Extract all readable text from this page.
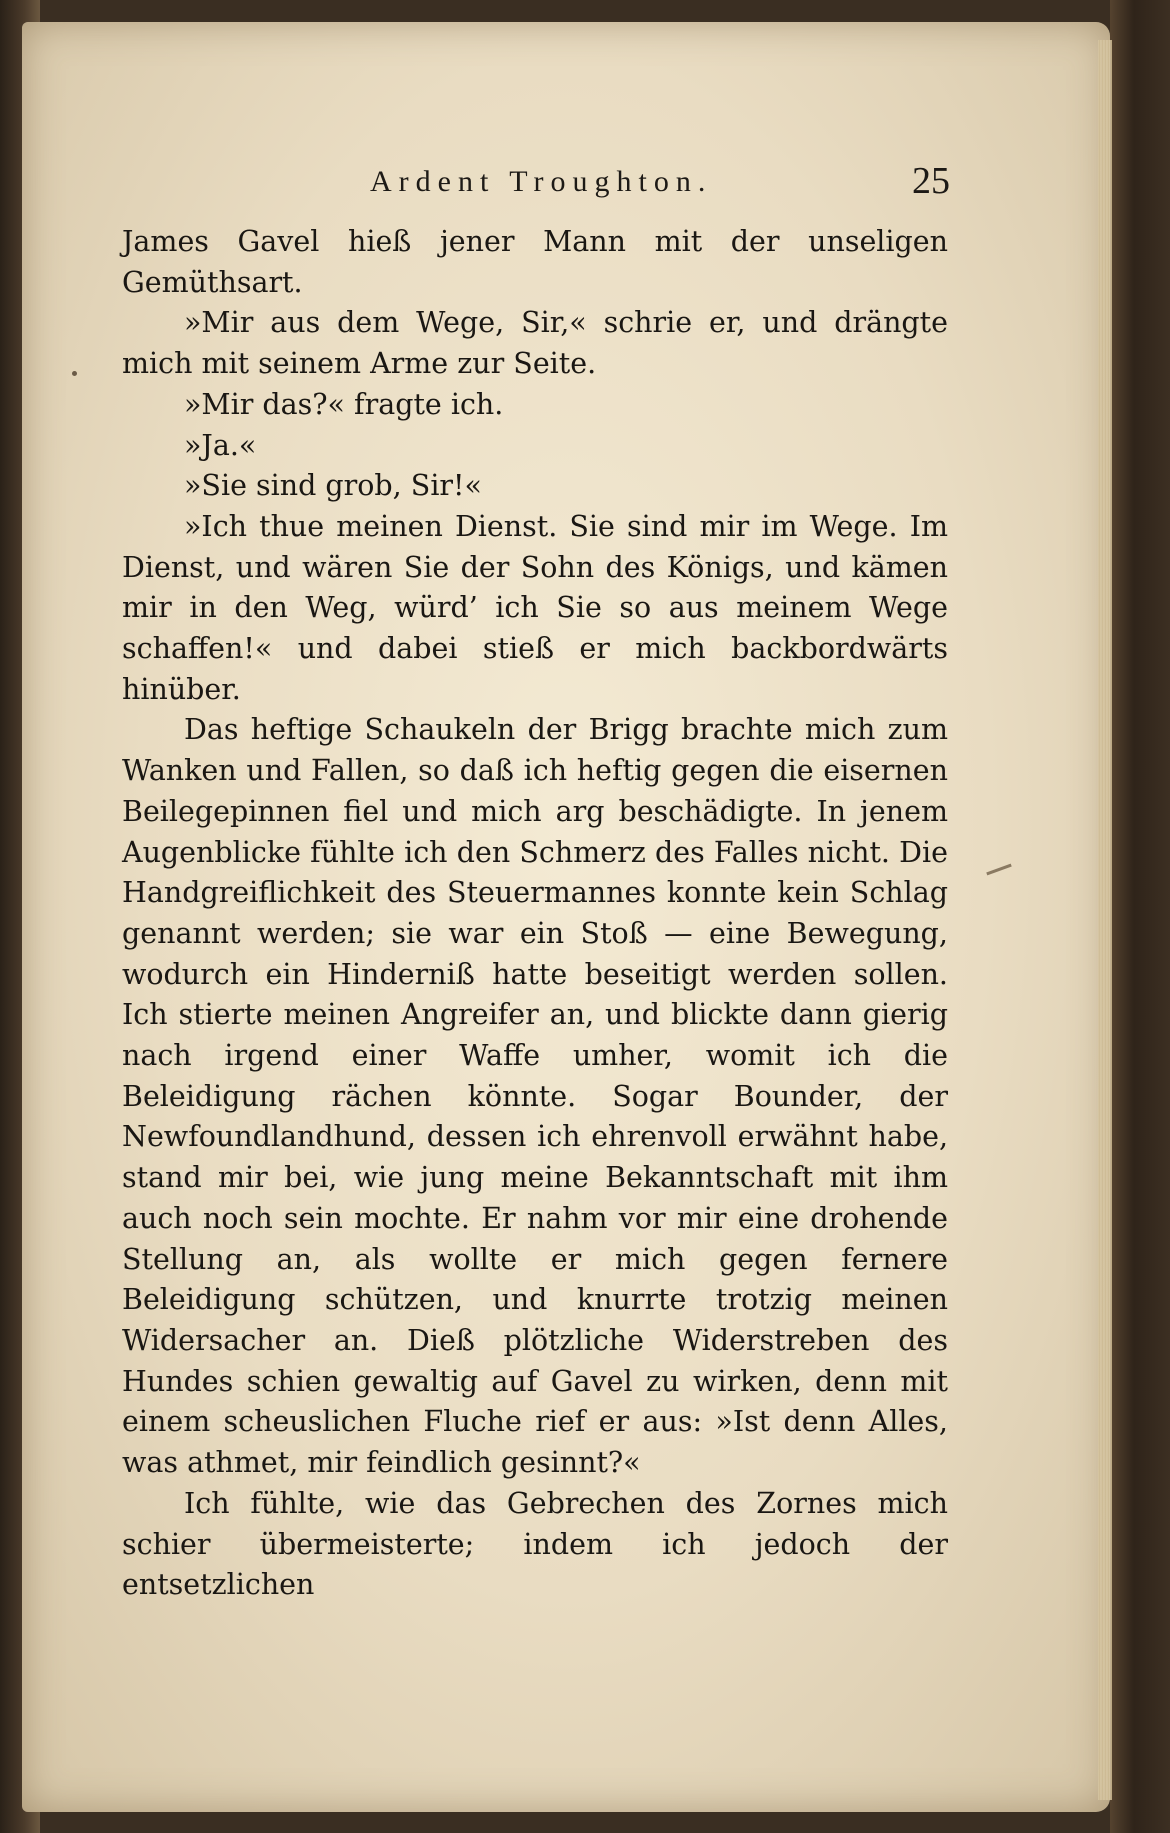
Ardent Troughton.	25

James Gavel hieß jener Mann mit der unseligen Gemüthsart.

»Mir aus dem Wege, Sir,« schrie er, und drängte mich mit seinem Arme zur Seite.

»Mir das?« fragte ich.

»Ja.«

»Sie sind grob, Sir!«

»Ich thue meinen Dienst. Sie sind mir im Wege. Im Dienst, und wären Sie der Sohn des Königs, und kämen mir in den Weg, würd’ ich Sie so aus meinem Wege schaffen!« und dabei stieß er mich backbordwärts hinüber.

Das heftige Schaukeln der Brigg brachte mich zum Wanken und Fallen, so daß ich heftig gegen die eisernen Beilegepinnen fiel und mich arg beschädigte. In jenem Augenblicke fühlte ich den Schmerz des Falles nicht. Die Handgreiflichkeit des Steuermannes konnte kein Schlag genannt werden; sie war ein Stoß — eine Bewegung, wodurch ein Hinderniß hatte beseitigt werden sollen. Ich stierte meinen Angreifer an, und blickte dann gierig nach irgend einer Waffe umher, womit ich die Beleidigung rächen könnte. Sogar Bounder, der Newfoundlandhund, dessen ich ehrenvoll erwähnt habe, stand mir bei, wie jung meine Bekanntschaft mit ihm auch noch sein mochte. Er nahm vor mir eine drohende Stellung an, als wollte er mich gegen fernere Beleidigung schützen, und knurrte trotzig meinen Widersacher an. Dieß plötzliche Widerstreben des Hundes schien gewaltig auf Gavel zu wirken, denn mit einem scheuslichen Fluche rief er aus: »Ist denn Alles, was athmet, mir feindlich gesinnt?«

Ich fühlte, wie das Gebrechen des Zornes mich schier übermeisterte; indem ich jedoch der entsetzlichen
